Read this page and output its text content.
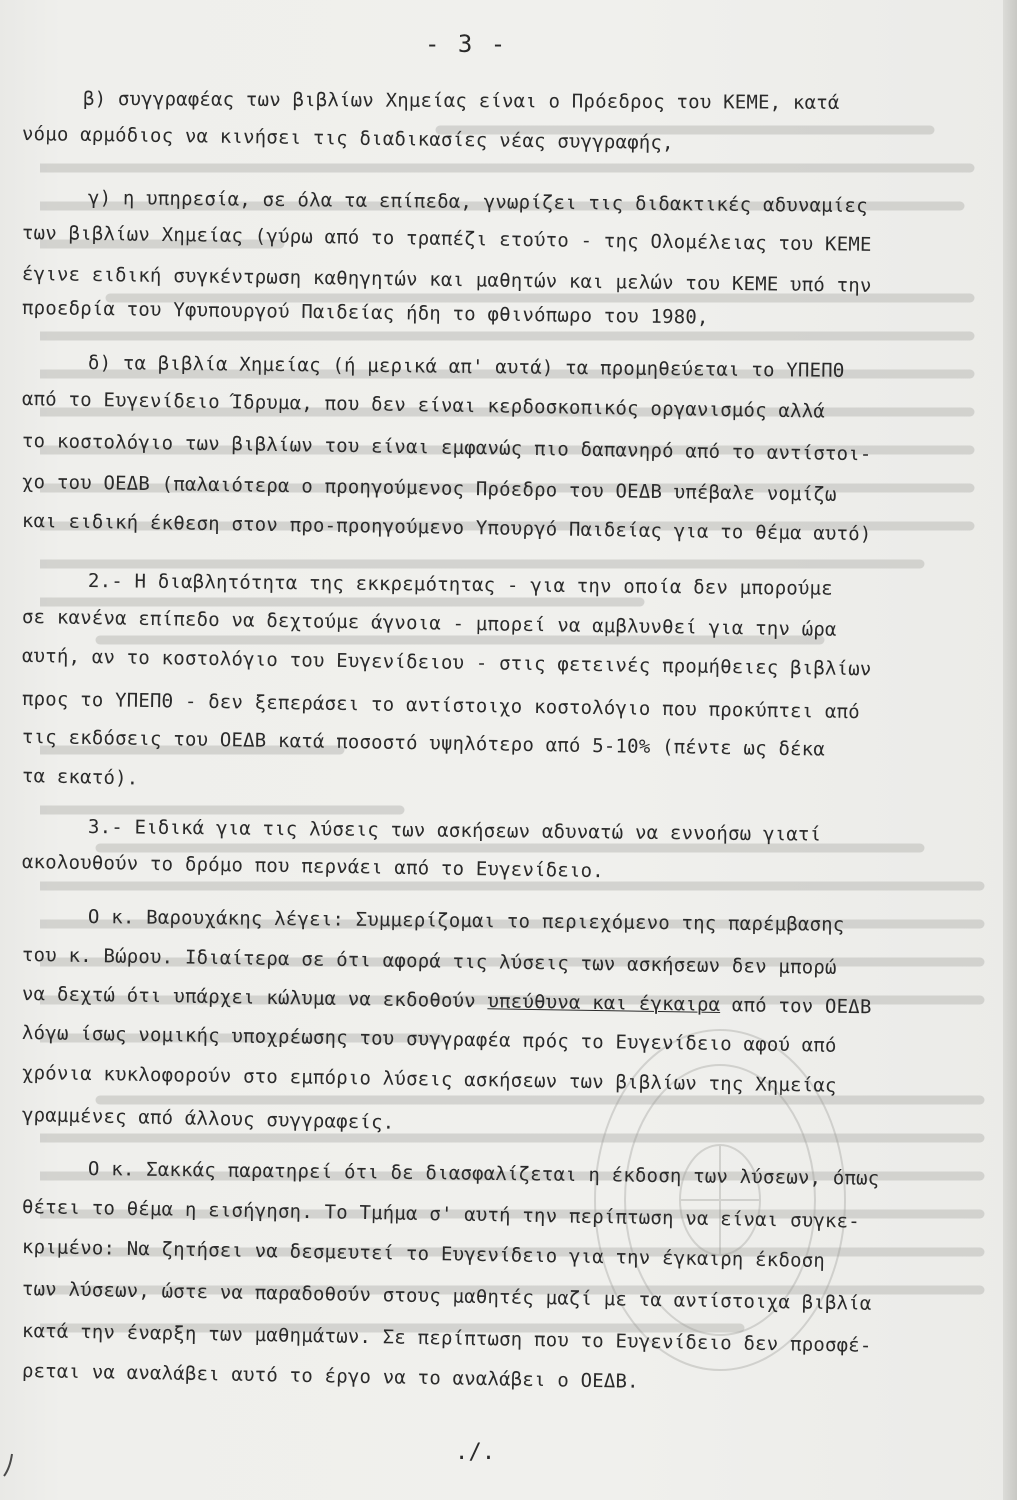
- 3 -
β) συγγραφέας των βιβλίων Χημείας είναι ο Πρόεδρος του ΚΕΜΕ, κατά
νόμο αρμόδιος να κινήσει τις διαδικασίες νέας συγγραφής,
γ) η υπηρεσία, σε όλα τα επίπεδα, γνωρίζει τις διδακτικές αδυναμίες
των βιβλίων Χημείας (γύρω από το τραπέζι ετούτο - της Ολομέλειας του ΚΕΜΕ
έγινε ειδική συγκέντρωση καθηγητών και μαθητών και μελών του ΚΕΜΕ υπό την
προεδρία του Υφυπουργού Παιδείας ήδη το φθινόπωρο του 1980,
δ) τα βιβλία Χημείας (ή μερικά απ' αυτά) τα προμηθεύεται το ΥΠΕΠΘ
από το Ευγενίδειο Ίδρυμα, που δεν είναι κερδοσκοπικός οργανισμός αλλά
το κοστολόγιο των βιβλίων του είναι εμφανώς πιο δαπανηρό από το αντίστοι-
χο του ΟΕΔΒ (παλαιότερα ο προηγούμενος Πρόεδρο του ΟΕΔΒ υπέβαλε νομίζω
και ειδική έκθεση στον προ-προηγούμενο Υπουργό Παιδείας για το θέμα αυτό)
2.- Η διαβλητότητα της εκκρεμότητας - για την οποία δεν μπορούμε
σε κανένα επίπεδο να δεχτούμε άγνοια - μπορεί να αμβλυνθεί για την ώρα
αυτή, αν το κοστολόγιο του Ευγενίδειου - στις φετεινές προμήθειες βιβλίων
προς το ΥΠΕΠΘ - δεν ξεπεράσει το αντίστοιχο κοστολόγιο που προκύπτει από
τις εκδόσεις του ΟΕΔΒ κατά ποσοστό υψηλότερο από 5-10% (πέντε ως δέκα
τα εκατό).
3.- Ειδικά για τις λύσεις των ασκήσεων αδυνατώ να εννοήσω γιατί
ακολουθούν το δρόμο που περνάει από το Ευγενίδειο.
Ο κ. Βαρουχάκης λέγει: Συμμερίζομαι το περιεχόμενο της παρέμβασης
του κ. Βώρου. Ιδιαίτερα σε ότι αφορά τις λύσεις των ασκήσεων δεν μπορώ
να δεχτώ ότι υπάρχει κώλυμα να εκδοθούν υπεύθυνα και έγκαιρα από τον ΟΕΔΒ
λόγω ίσως νομικής υποχρέωσης του συγγραφέα πρός το Ευγενίδειο αφού από
χρόνια κυκλοφορούν στο εμπόριο λύσεις ασκήσεων των βιβλίων της Χημείας
γραμμένες από άλλους συγγραφείς.
Ο κ. Σακκάς παρατηρεί ότι δε διασφαλίζεται η έκδοση των λύσεων, όπως
θέτει το θέμα η εισήγηση. Το Τμήμα σ' αυτή την περίπτωση να είναι συγκε-
κριμένο: Να ζητήσει να δεσμευτεί το Ευγενίδειο για την έγκαιρη έκδοση
των λύσεων, ώστε να παραδοθούν στους μαθητές μαζί με τα αντίστοιχα βιβλία
κατά την έναρξη των μαθημάτων. Σε περίπτωση που το Ευγενίδειο δεν προσφέ-
ρεται να αναλάβει αυτό το έργο να το αναλάβει ο ΟΕΔΒ.
./.
